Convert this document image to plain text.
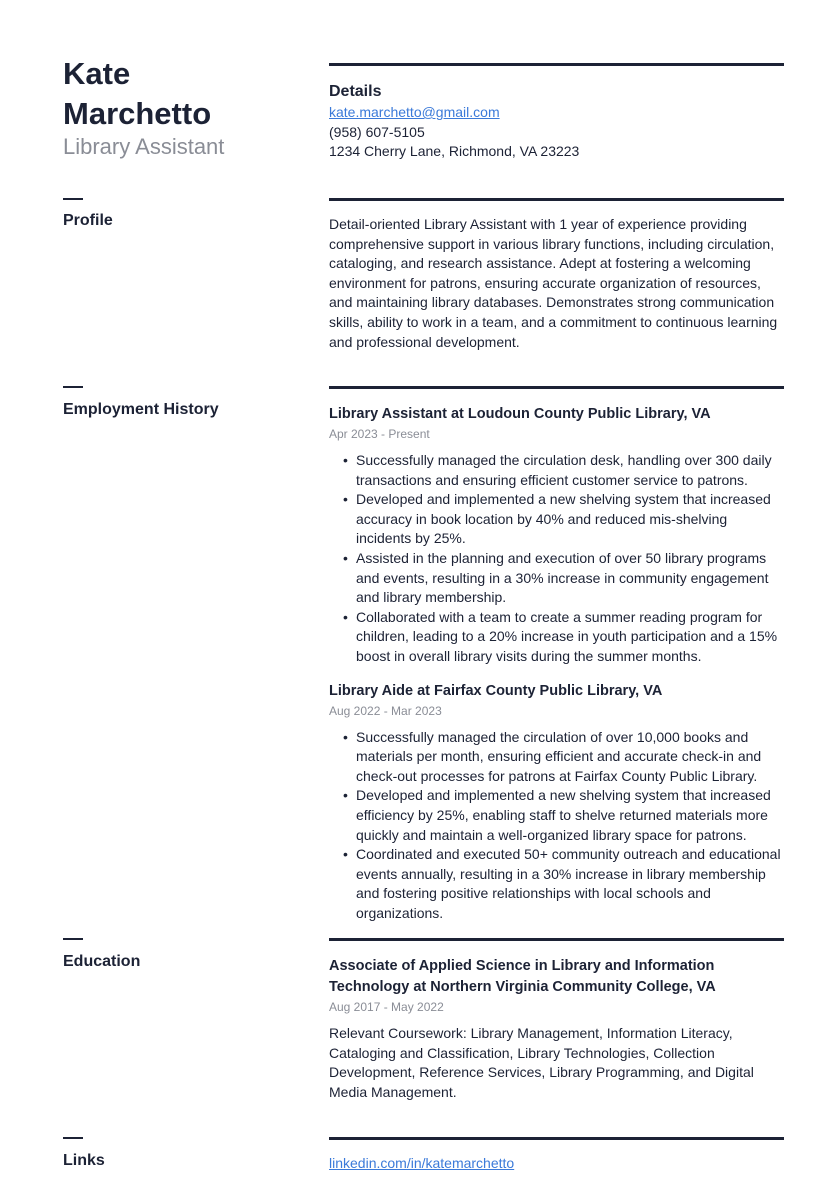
Kate
Marchetto
Library Assistant
Details
kate.marchetto@gmail.com
(958) 607-5105
1234 Cherry Lane, Richmond, VA 23223
Profile	Detail-oriented Library Assistant with 1 year of experience providing comprehensive support in various library functions, including circulation, cataloging, and research assistance. Adept at fostering a welcoming environment for patrons, ensuring accurate organization of resources, and maintaining library databases. Demonstrates strong communication skills, ability to work in a team, and a commitment to continuous learning and professional development.

Employment History	Library Assistant at Loudoun County Public Library, VA
Apr 2023 - Present
• Successfully managed the circulation desk, handling over 300 daily transactions and ensuring efficient customer service to patrons.
• Developed and implemented a new shelving system that increased accuracy in book location by 40% and reduced mis-shelving incidents by 25%.
• Assisted in the planning and execution of over 50 library programs and events, resulting in a 30% increase in community engagement and library membership.
• Collaborated with a team to create a summer reading program for children, leading to a 20% increase in youth participation and a 15% boost in overall library visits during the summer months.
Library Aide at Fairfax County Public Library, VA
Aug 2022 - Mar 2023
• Successfully managed the circulation of over 10,000 books and materials per month, ensuring efficient and accurate check-in and check-out processes for patrons at Fairfax County Public Library.
• Developed and implemented a new shelving system that increased efficiency by 25%, enabling staff to shelve returned materials more quickly and maintain a well-organized library space for patrons.
• Coordinated and executed 50+ community outreach and educational events annually, resulting in a 30% increase in library membership and fostering positive relationships with local schools and organizations.
Education	Associate of Applied Science in Library and Information Technology at Northern Virginia Community College, VA
Aug 2017 - May 2022

Relevant Coursework: Library Management, Information Literacy, Cataloging and Classification, Library Technologies, Collection Development, Reference Services, Library Programming, and Digital Media Management.

Links	linkedin.com/in/katemarchetto
